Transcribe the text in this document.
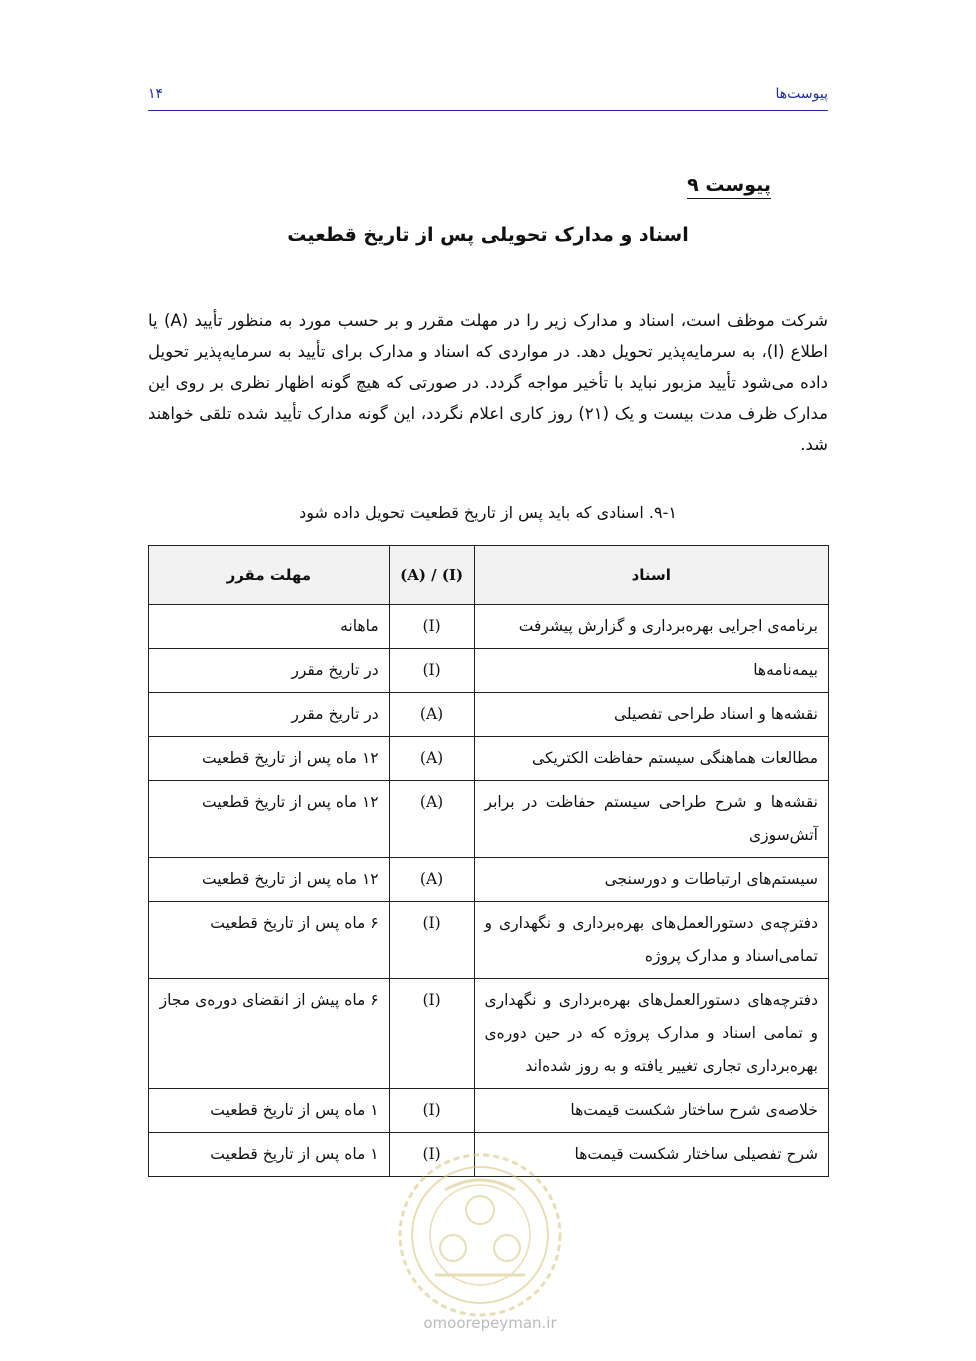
۱۴	پیوست‌ها
پیوست ۹
اسناد و مدارک تحویلی پس از تاریخ قطعیت

شرکت موظف است، اسناد و مدارک زیر را در مهلت مقرر و بر حسب مورد به منظور تأیید (A) یا اطلاع (I)، به سرمایه‌پذیر تحویل دهد. در مواردی که اسناد و مدارک برای تأیید به سرمایه‌پذیر تحویل داده می‌شود تأیید مزبور نباید با تأخیر مواجه گردد. در صورتی که هیچ گونه اظهار نظری بر روی این مدارک ظرف مدت بیست و یک (۲۱) روز کاری اعلام نگردد، این گونه مدارک تأیید شده تلقی خواهند شد.

۹-۱. اسنادی که باید پس از تاریخ قطعیت تحویل داده شود
اسناد	(A) / (I)	مهلت مقرر
برنامه‌ی اجرایی بهره‌برداری و گزارش پیشرفت	(I)	ماهانه
بیمه‌نامه‌ها	(I)	در تاریخ مقرر
نقشه‌ها و اسناد طراحی تفصیلی	(A)	در تاریخ مقرر
مطالعات هماهنگی سیستم حفاظت الکتریکی	(A)	۱۲ ماه پس از تاریخ قطعیت
نقشه‌ها و شرح طراحی سیستم حفاظت در برابر آتش‌سوزی	(A)	۱۲ ماه پس از تاریخ قطعیت
سیستم‌های ارتباطات و دورسنجی	(A)	۱۲ ماه پس از تاریخ قطعیت
دفترچه‌ی دستورالعمل‌های بهره‌برداری و نگهداری و تمامی‌اسناد و مدارک پروژه	(I)	۶ ماه پس از تاریخ قطعیت
دفترچه‌های دستورالعمل‌های بهره‌برداری و نگهداری و تمامی اسناد و مدارک پروژه که در حین دوره‌ی بهره‌برداری تجاری تغییر یافته و به روز شده‌اند	(I)	۶ ماه پیش از انقضای دوره‌ی مجاز
خلاصه‌ی شرح ساختار شکست قیمت‌ها	(I)	۱ ماه پس از تاریخ قطعیت
شرح تفصیلی ساختار شکست قیمت‌ها	(I)	۱ ماه پس از تاریخ قطعیت
omoorepeyman.ir
